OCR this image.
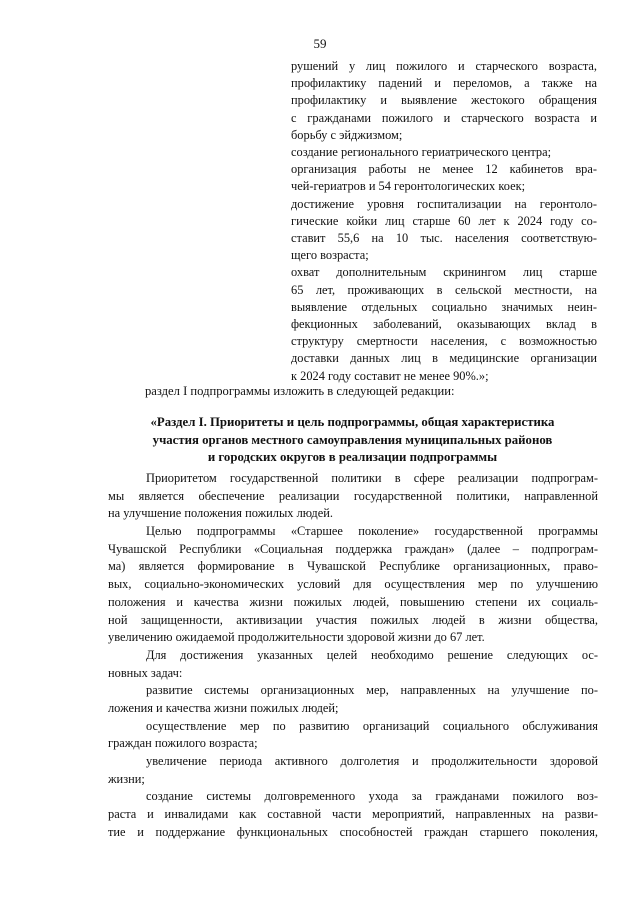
59
рушений у лиц пожилого и старческого возраста,
профилактику падений и переломов, а также на
профилактику и выявление жестокого обращения
с гражданами пожилого и старческого возраста и
борьбу с эйджизмом;
создание регионального гериатрического центра;
организация работы не менее 12 кабинетов вра-
чей-гериатров и 54 геронтологических коек;
достижение уровня госпитализации на геронтоло-
гические койки лиц старше 60 лет к 2024 году со-
ставит 55,6 на 10 тыс. населения соответствую-
щего возраста;
охват дополнительным скринингом лиц старше
65 лет, проживающих в сельской местности, на
выявление отдельных социально значимых неин-
фекционных заболеваний, оказывающих вклад в
структуру смертности населения, с возможностью
доставки данных лиц в медицинские организации
к 2024 году составит не менее 90%.»;
раздел I подпрограммы изложить в следующей редакции:
«Раздел I. Приоритеты и цель подпрограммы, общая характеристика
участия органов местного самоуправления муниципальных районов
и городских округов в реализации подпрограммы
Приоритетом государственной политики в сфере реализации подпрограм-
мы является обеспечение реализации государственной политики, направленной
на улучшение положения пожилых людей.
Целью подпрограммы «Старшее поколение» государственной программы
Чувашской Республики «Социальная поддержка граждан» (далее – подпрограм-
ма) является формирование в Чувашской Республике организационных, право-
вых, социально-экономических условий для осуществления мер по улучшению
положения и качества жизни пожилых людей, повышению степени их социаль-
ной защищенности, активизации участия пожилых людей в жизни общества,
увеличению ожидаемой продолжительности здоровой жизни до 67 лет.
Для достижения указанных целей необходимо решение следующих ос-
новных задач:
развитие системы организационных мер, направленных на улучшение по-
ложения и качества жизни пожилых людей;
осуществление мер по развитию организаций социального обслуживания
граждан пожилого возраста;
увеличение периода активного долголетия и продолжительности здоровой
жизни;
создание системы долговременного ухода за гражданами пожилого воз-
раста и инвалидами как составной части мероприятий, направленных на разви-
тие и поддержание функциональных способностей граждан старшего поколения,
